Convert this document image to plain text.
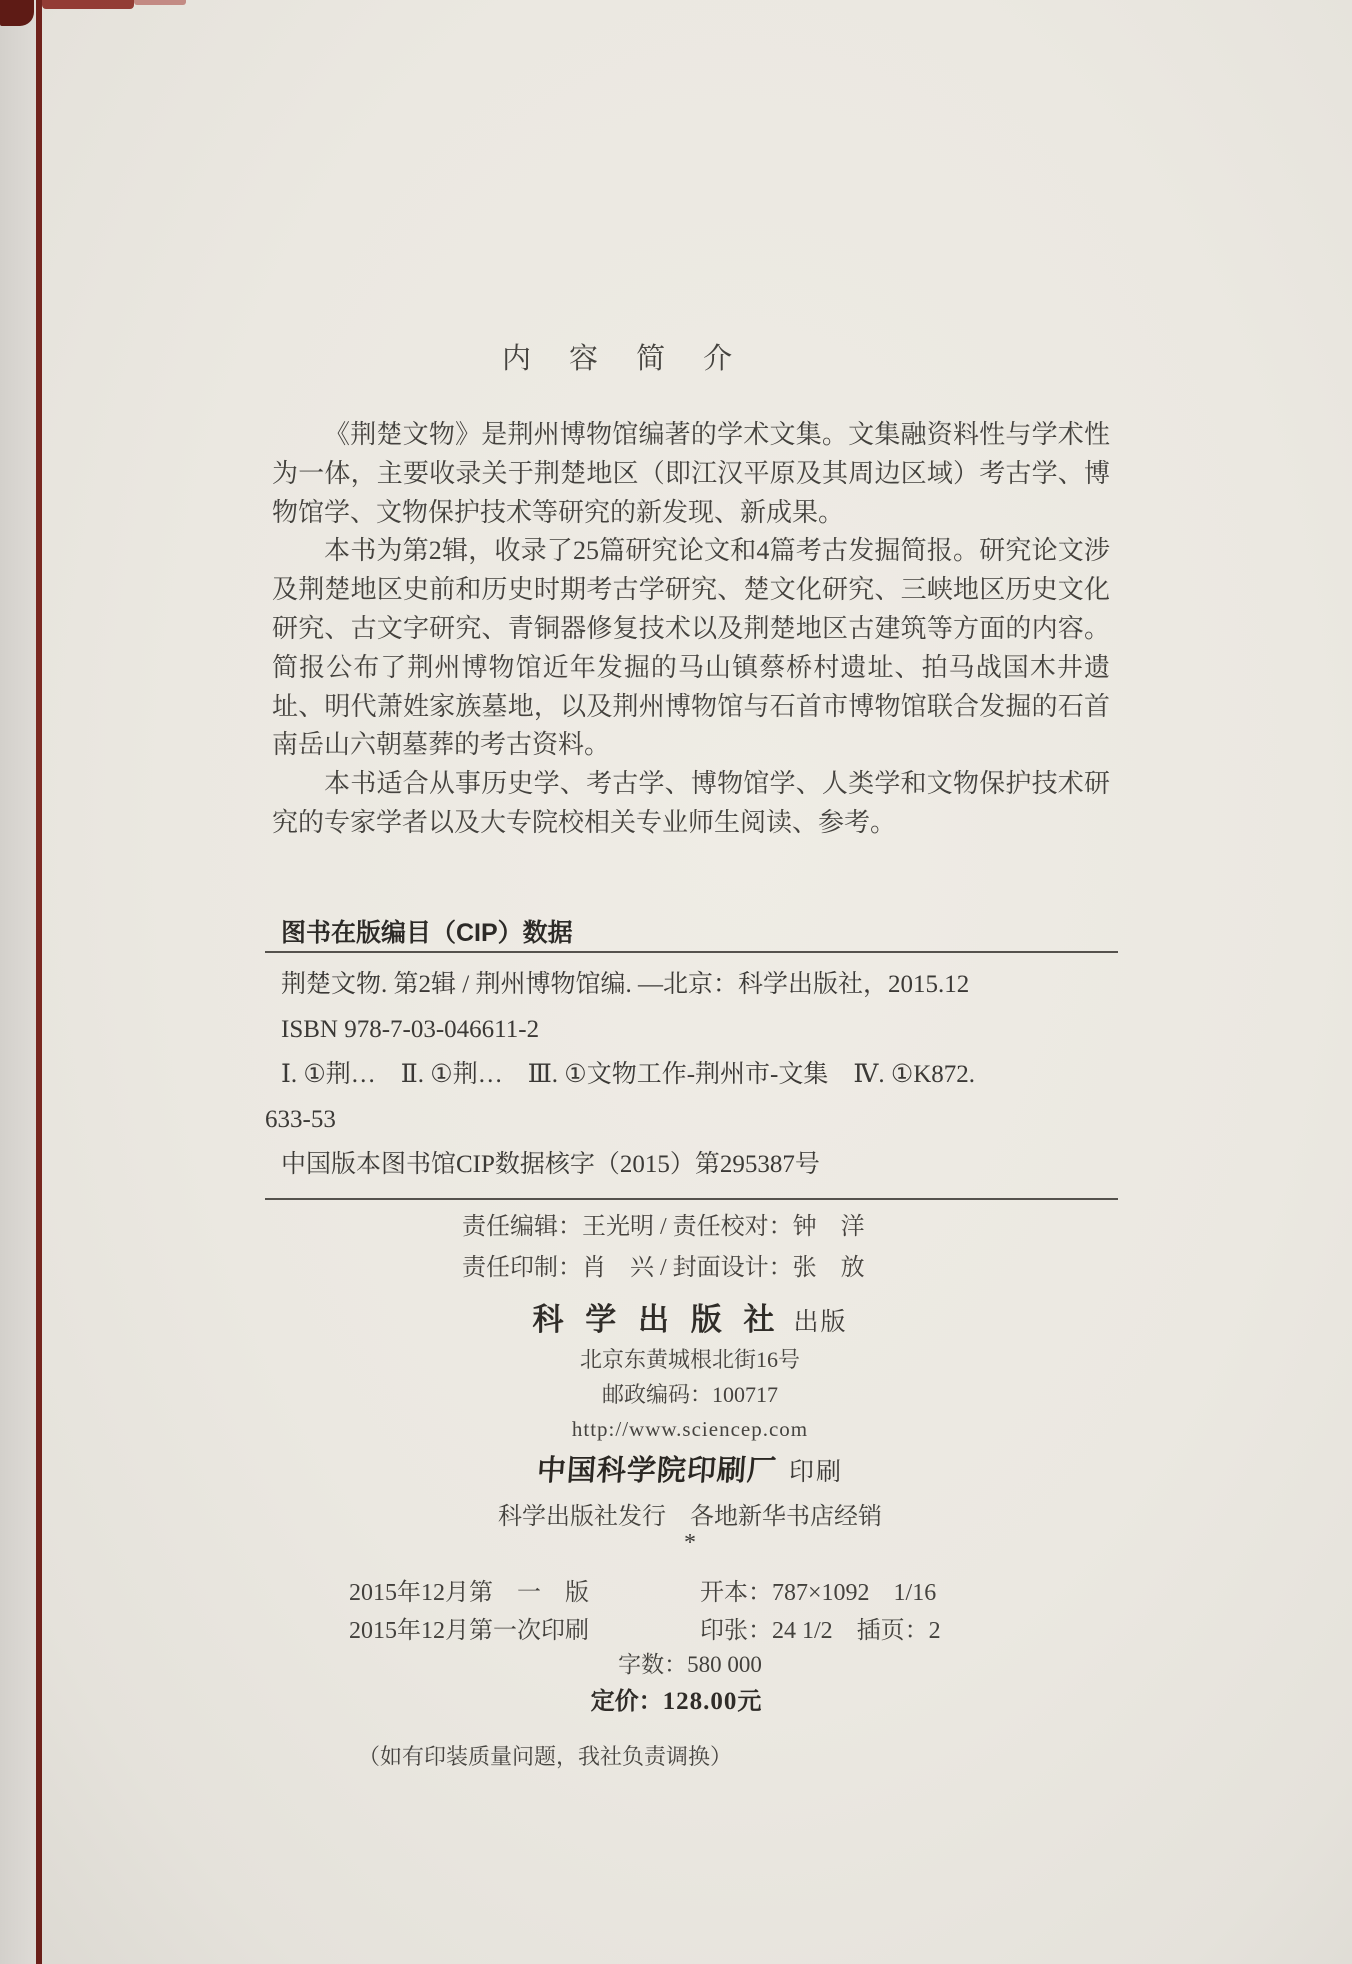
内 容 简 介

《荆楚文物》是荆州博物馆编著的学术文集。文集融资料性与学术性为一体，主要收录关于荆楚地区（即江汉平原及其周边区域）考古学、博物馆学、文物保护技术等研究的新发现、新成果。

本书为第2辑，收录了25篇研究论文和4篇考古发掘简报。研究论文涉及荆楚地区史前和历史时期考古学研究、楚文化研究、三峡地区历史文化研究、古文字研究、青铜器修复技术以及荆楚地区古建筑等方面的内容。简报公布了荆州博物馆近年发掘的马山镇蔡桥村遗址、拍马战国木井遗址、明代萧姓家族墓地，以及荆州博物馆与石首市博物馆联合发掘的石首南岳山六朝墓葬的考古资料。

本书适合从事历史学、考古学、博物馆学、人类学和文物保护技术研究的专家学者以及大专院校相关专业师生阅读、参考。

图书在版编目（CIP）数据

荆楚文物. 第2辑 / 荆州博物馆编. —北京：科学出版社，2015.12

ISBN 978-7-03-046611-2

Ⅰ. ①荆…　Ⅱ. ①荆…　Ⅲ. ①文物工作-荆州市-文集　Ⅳ. ①K872.

633-53

中国版本图书馆CIP数据核字（2015）第295387号

责任编辑：王光明 / 责任校对：钟　洋

责任印制：肖　兴 / 封面设计：张　放

科 学 出 版 社 出版
北京东黄城根北街16号
邮政编码：100717
http://www.sciencep.com
中国科学院印刷厂 印刷
科学出版社发行　各地新华书店经销
*
2015年12月第　一　版	开本：787×1092　1/16
2015年12月第一次印刷	印张：24 1/2　插页：2
字数：580 000
定价：128.00元
（如有印装质量问题，我社负责调换）
